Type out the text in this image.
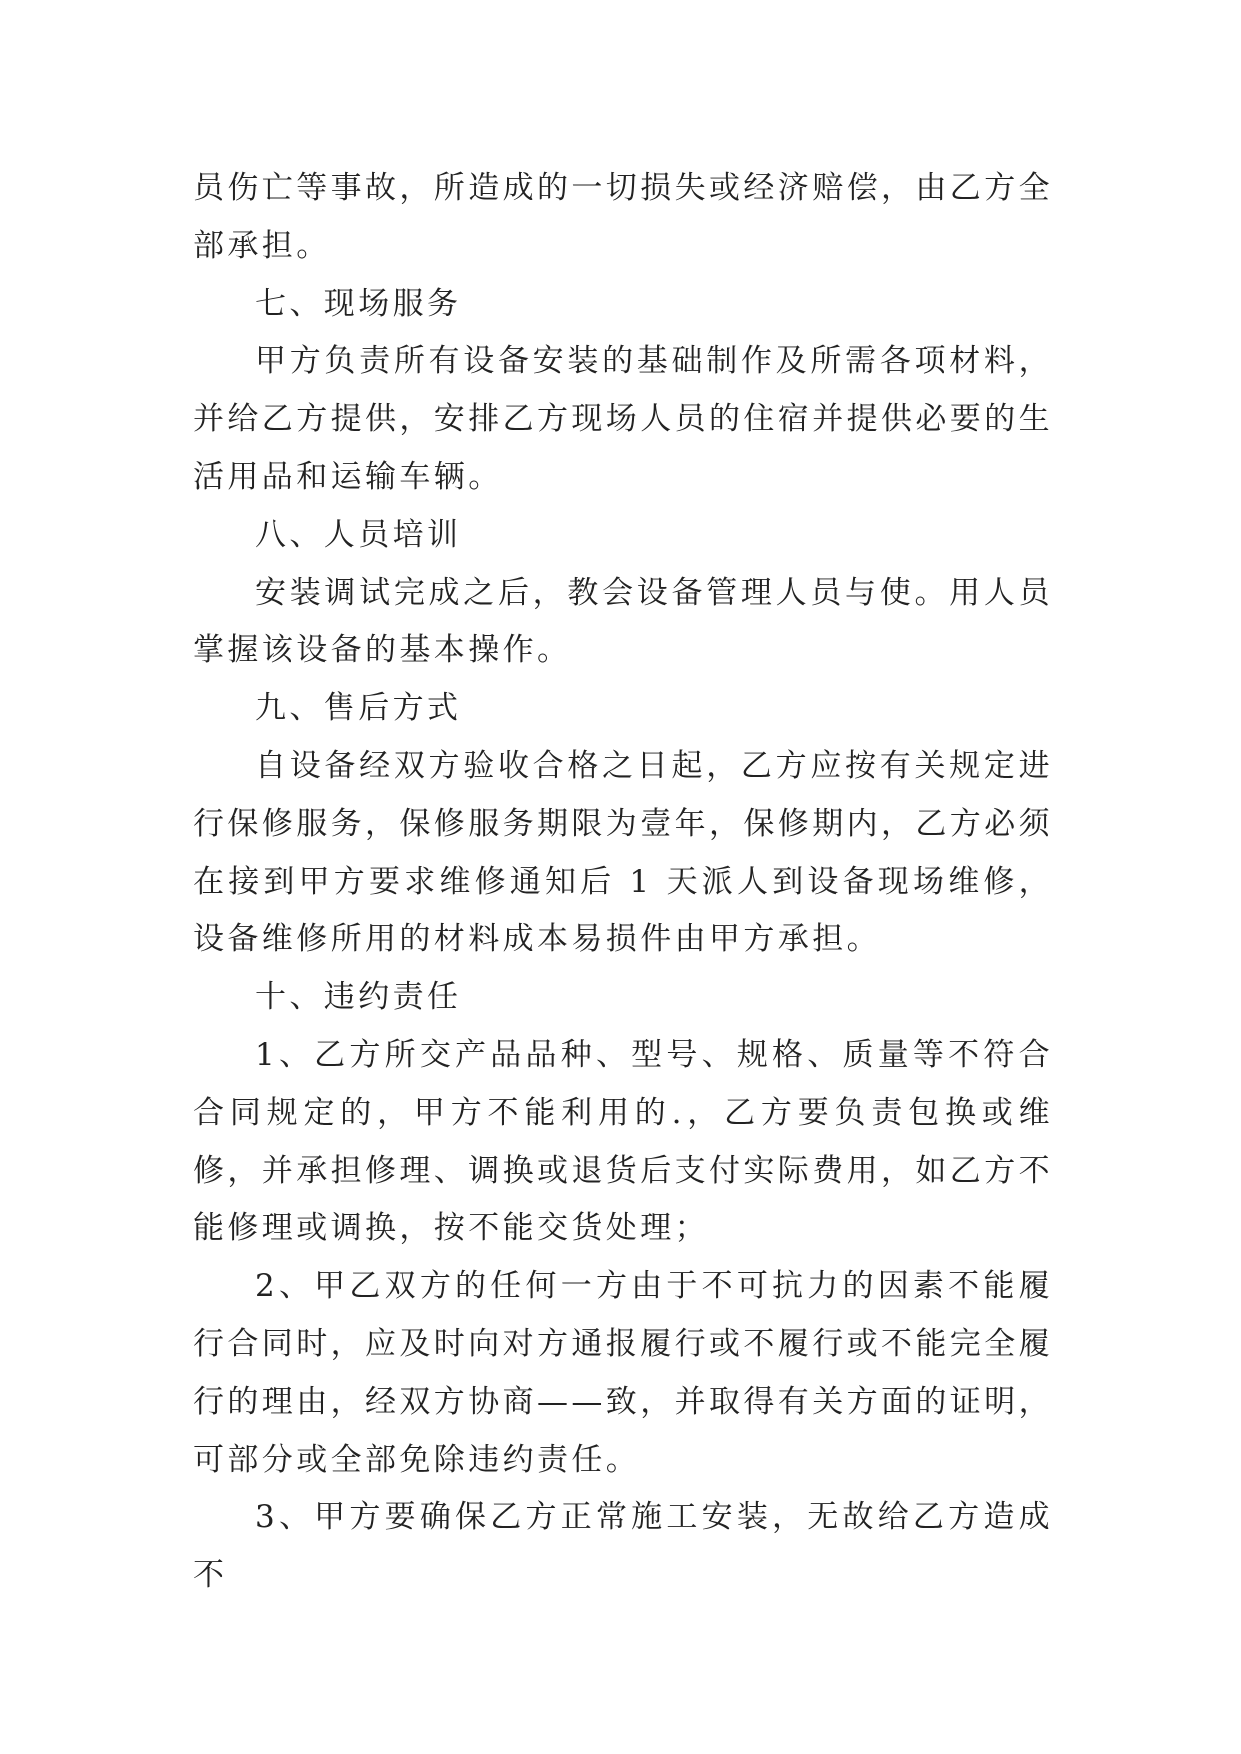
员伤亡等事故，所造成的一切损失或经济赔偿，由乙方全部承担。

七、现场服务

甲方负责所有设备安装的基础制作及所需各项材料，并给乙方提供，安排乙方现场人员的住宿并提供必要的生活用品和运输车辆。

八、人员培训

安装调试完成之后，教会设备管理人员与使。用人员掌握该设备的基本操作。

九、售后方式

自设备经双方验收合格之日起，乙方应按有关规定进行保修服务，保修服务期限为壹年，保修期内，乙方必须在接到甲方要求维修通知后 1 天派人到设备现场维修，设备维修所用的材料成本易损件由甲方承担。

十、违约责任

1、乙方所交产品品种、型号、规格、质量等不符合合同规定的，甲方不能利用的.，乙方要负责包换或维修，并承担修理、调换或退货后支付实际费用，如乙方不能修理或调换，按不能交货处理；

2、甲乙双方的任何一方由于不可抗力的因素不能履行合同时，应及时向对方通报履行或不履行或不能完全履行的理由，经双方协商——致，并取得有关方面的证明，可部分或全部免除违约责任。

3、甲方要确保乙方正常施工安装，无故给乙方造成不
